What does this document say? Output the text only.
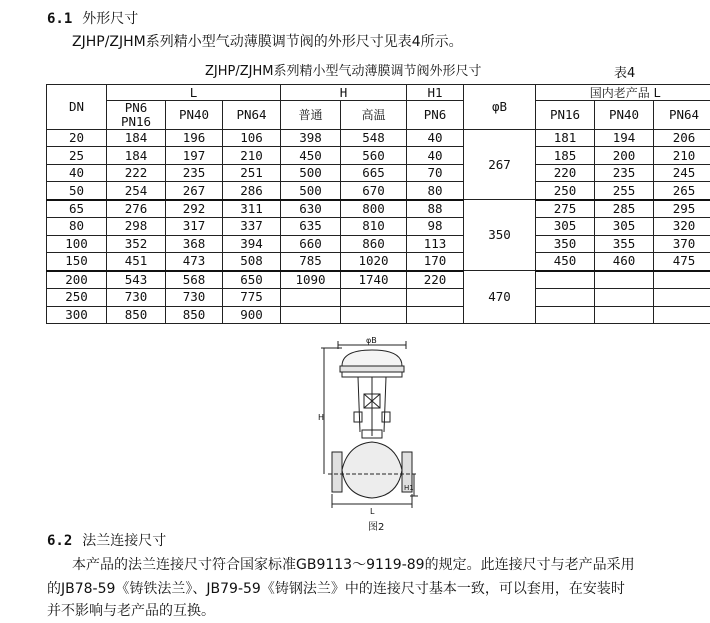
6.1 外形尺寸
ZJHP/ZJHM系列精小型气动薄膜调节阀的外形尺寸见表4所示。
ZJHP/ZJHM系列精小型气动薄膜调节阀外形尺寸	表4
DN	L			H		H1	φB	国内老产品 L		
	PN6 PN16	PN40	PN64	普通	高温	PN6		PN16	PN40	PN64
20	184	196	106	398	548	40	267	181	194	206
25	184	197	210	450	560	40		185	200	210
40	222	235	251	500	665	70		220	235	245
50	254	267	286	500	670	80		250	255	265
65	276	292	311	630	800	88	350	275	285	295
80	298	317	337	635	810	98		305	305	320
100	352	368	394	660	860	113		350	355	370
150	451	473	508	785	1020	170		450	460	475
200	543	568	650	1090	1740	220	470			
250	730	730	775							
300	850	850	900							
φB
H
H1
L
图2
6.2 法兰连接尺寸
本产品的法兰连接尺寸符合国家标准GB9113～9119-89的规定。此连接尺寸与老产品采用
的JB78-59《铸铁法兰》、JB79-59《铸钢法兰》中的连接尺寸基本一致，可以套用，在安装时
并不影响与老产品的互换。
